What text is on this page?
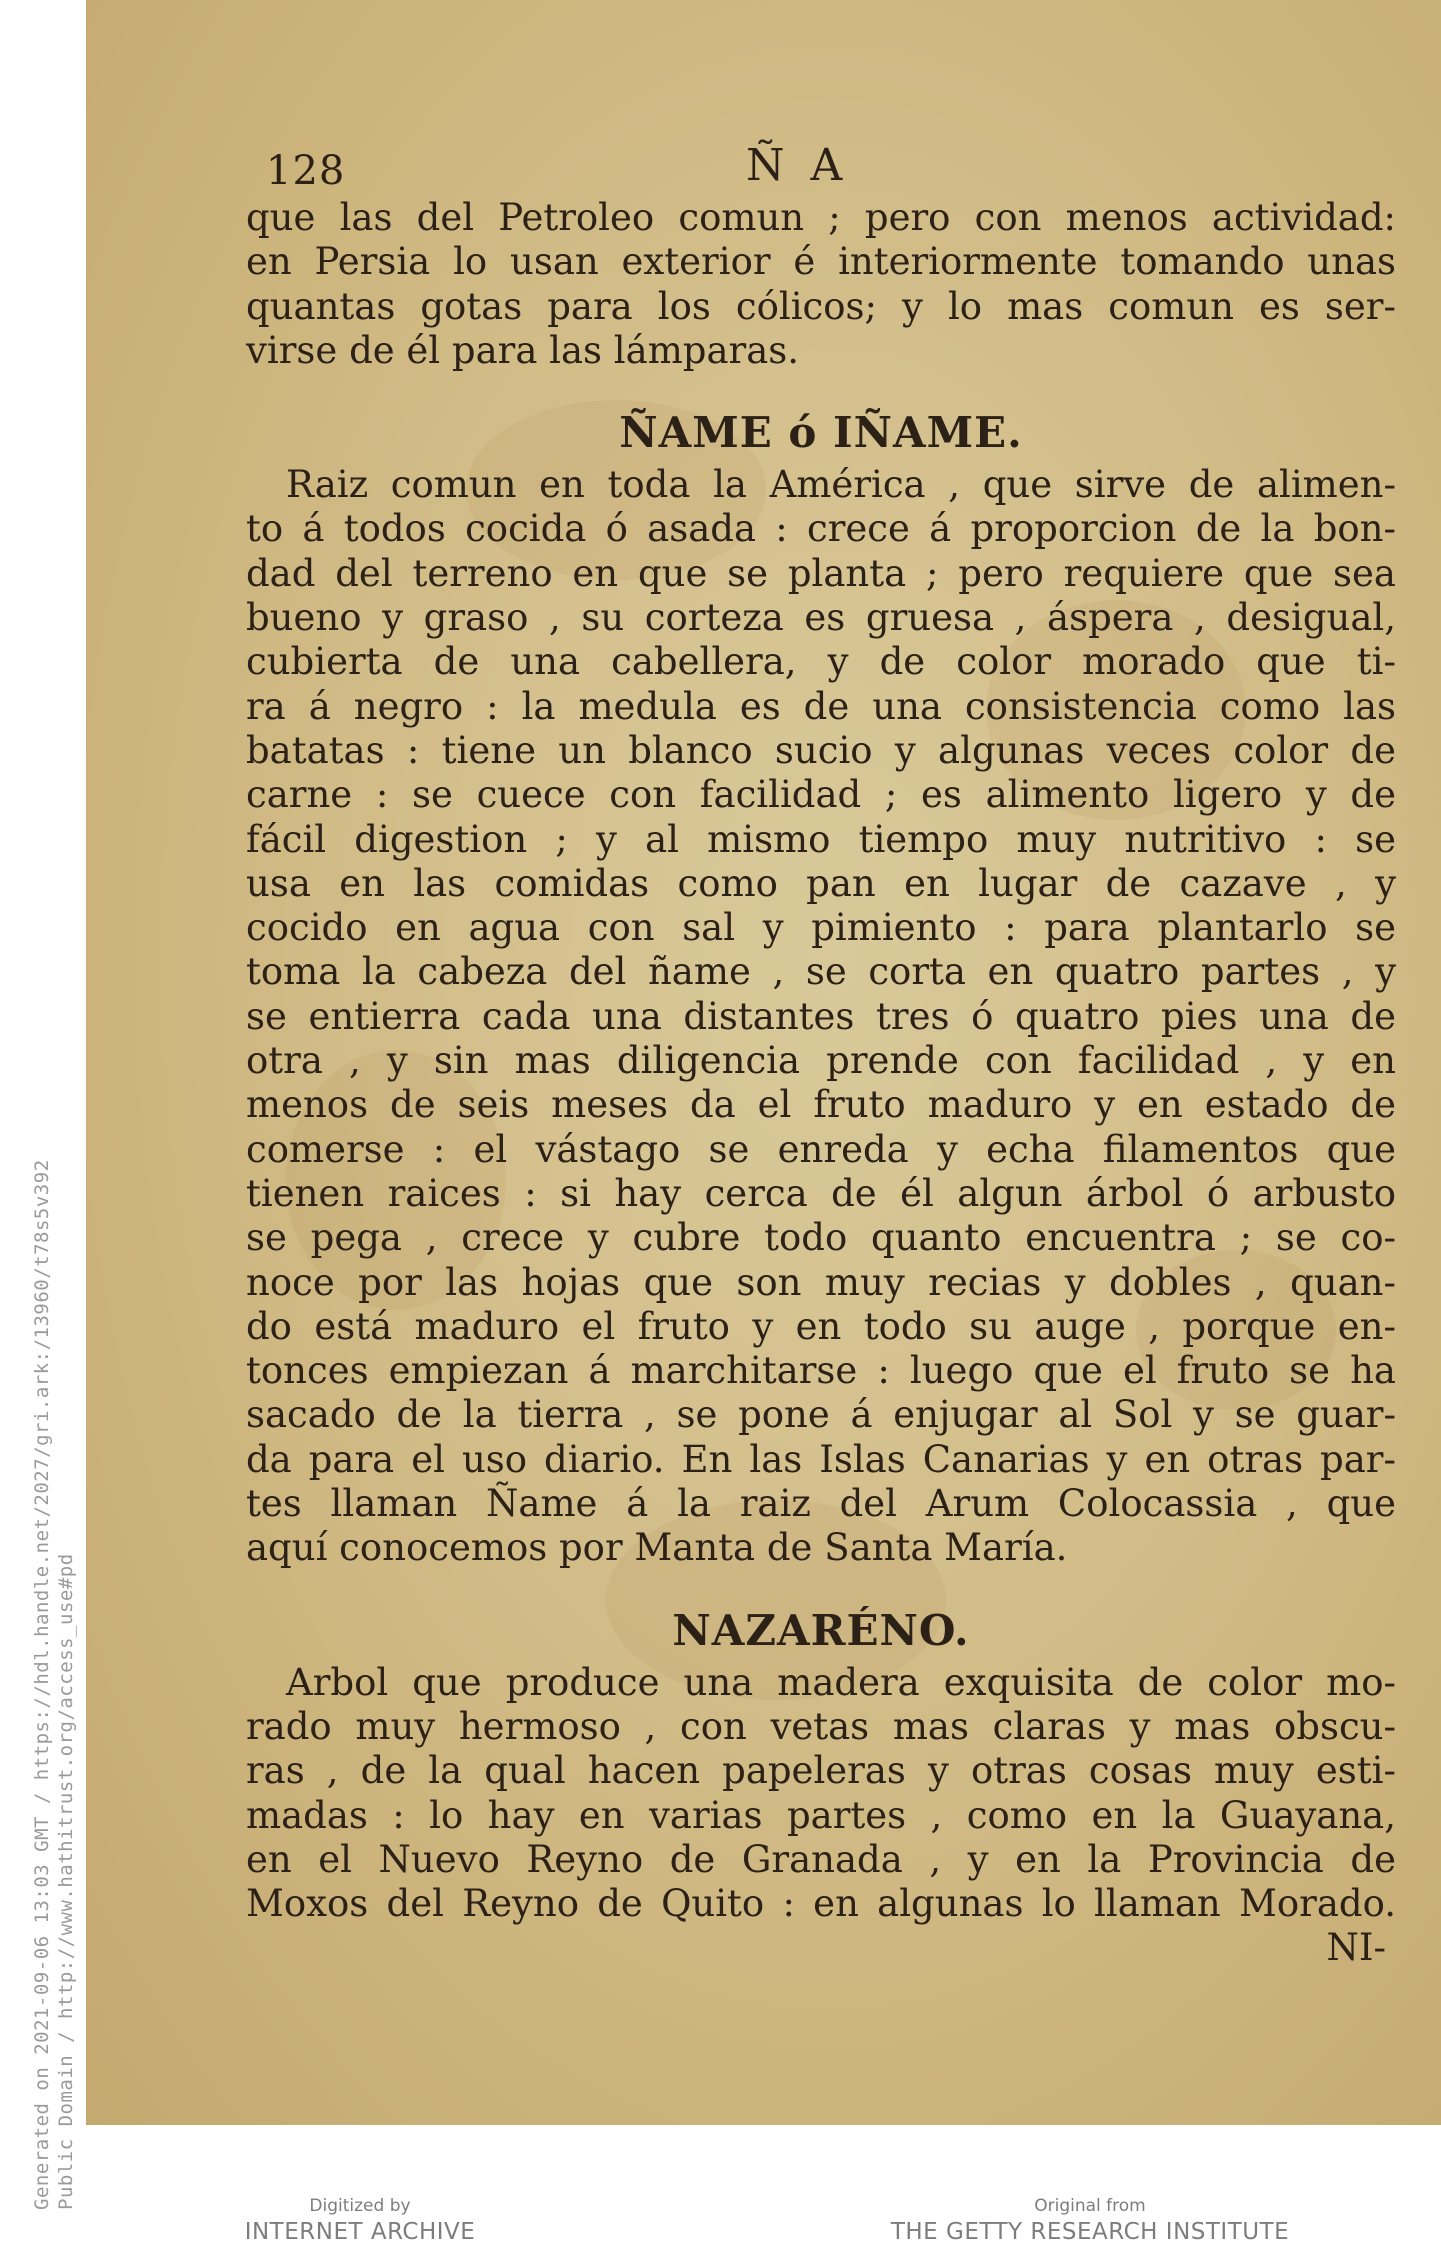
Generated on 2021-09-06 13:03 GMT / https://hdl.handle.net/2027/gri.ark:/13960/t78s5v392 Public Domain / http://www.hathitrust.org/access_use#pd
128	Ñ A

que las del Petroleo comun ; pero con menos actividad:
en Persia lo usan exterior é interiormente tomando unas
quantas gotas para los cólicos; y lo mas comun es ser-
virse de él para las lámparas.

ÑAME ó IÑAME.

Raiz comun en toda la América , que sirve de alimen-
to á todos cocida ó asada : crece á proporcion de la bon-
dad del terreno en que se planta ; pero requiere que sea
bueno y graso , su corteza es gruesa , áspera , desigual,
cubierta de una cabellera, y de color morado que ti-
ra á negro : la medula es de una consistencia como las
batatas : tiene un blanco sucio y algunas veces color de
carne : se cuece con facilidad ; es alimento ligero y de
fácil digestion ; y al mismo tiempo muy nutritivo : se
usa en las comidas como pan en lugar de cazave , y
cocido en agua con sal y pimiento : para plantarlo se
toma la cabeza del ñame , se corta en quatro partes , y
se entierra cada una distantes tres ó quatro pies una de
otra , y sin mas diligencia prende con facilidad , y en
menos de seis meses da el fruto maduro y en estado de
comerse : el vástago se enreda y echa filamentos que
tienen raices : si hay cerca de él algun árbol ó arbusto
se pega , crece y cubre todo quanto encuentra ; se co-
noce por las hojas que son muy recias y dobles , quan-
do está maduro el fruto y en todo su auge , porque en-
tonces empiezan á marchitarse : luego que el fruto se ha
sacado de la tierra , se pone á enjugar al Sol y se guar-
da para el uso diario. En las Islas Canarias y en otras par-
tes llaman Ñame á la raiz del Arum Colocassia , que
aquí conocemos por Manta de Santa María.

NAZARÉNO.

Arbol que produce una madera exquisita de color mo-
rado muy hermoso , con vetas mas claras y mas obscu-
ras , de la qual hacen papeleras y otras cosas muy esti-
madas : lo hay en varias partes , como en la Guayana,
en el Nuevo Reyno de Granada , y en la Provincia de
Moxos del Reyno de Quito : en algunas lo llaman Morado.

NI-
Digitized by
INTERNET ARCHIVE
Original from
THE GETTY RESEARCH INSTITUTE
